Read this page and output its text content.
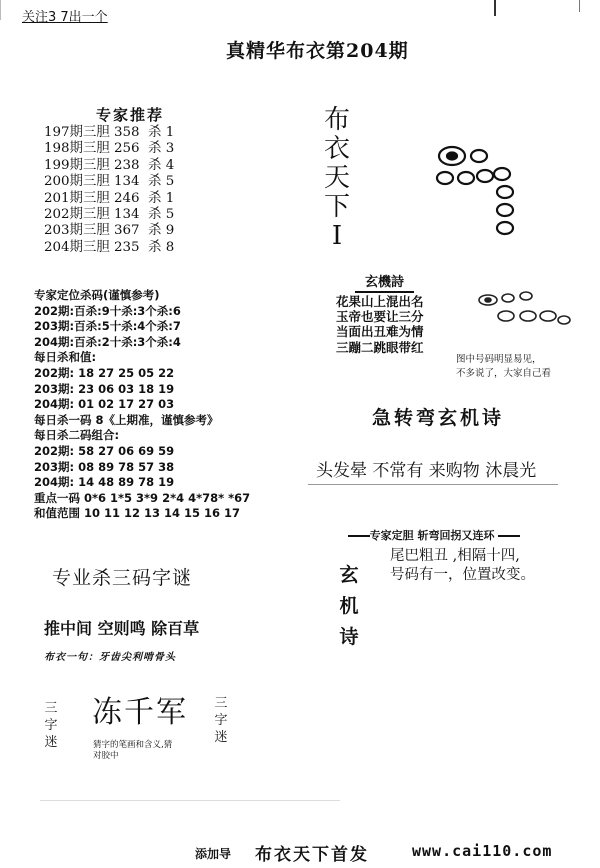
关注3 7出一个
真精华布衣第204期
专家推荐
197期三胆 358  杀 1
198期三胆 256  杀 3
199期三胆 238  杀 4
200期三胆 134  杀 5
201期三胆 246  杀 1
202期三胆 134  杀 5
203期三胆 367  杀 9
204期三胆 235  杀 8
专家定位杀码(谨慎参考)
202期:百杀:9十杀:3个杀:6
203期:百杀:5十杀:4个杀:7
204期:百杀:2十杀:3个杀:4
每日杀和值:
202期: 18 27 25 05 22
203期: 23 06 03 18 19
204期: 01 02 17 27 03
每日杀一码 8《上期准，谨慎参考》
每日杀二码组合:
202期: 58 27 06 69 59
203期: 08 89 78 57 38
204期: 14 48 89 78 19
重点一码 0*6 1*5 3*9 2*4 4*78* *67
和值范围 10 11 12 13 14 15 16 17
布
衣
天
下
I
玄機詩
花果山上混出名
玉帝也要让三分
当面出丑难为情
三蹦二跳眼带红
图中号码明显易见，
不多说了，大家自己看
急转弯玄机诗
头发晕 不常有 来购物 沐晨光

专家定胆 斩弯回拐又连环

玄
机
诗
尾巴粗丑 ,相隔十四,
号码有一，位置改变。
专业杀三码字谜
推中间 空则鸣 除百草
布衣一句：牙齿尖利啃骨头
三
字
迷
冻千军
猜字的笔画和含义,猜
对胶中
三
字
迷
添加导 布衣天下首发	www.cai110.com
